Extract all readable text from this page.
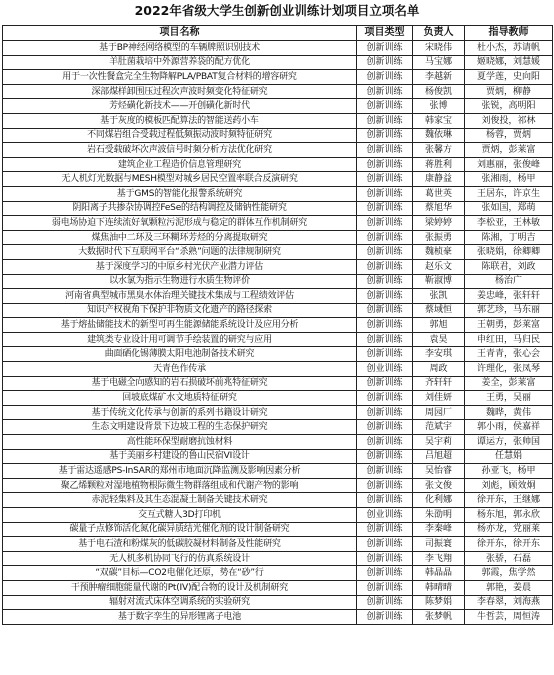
2022年省级大学生创新创业训练计划项目立项名单
项目名称	项目类型	负责人	指导教师
基于BP神经网络模型的车辆牌照识别技术	创新训练	宋晓伟	杜小杰，苏请帆
羊肚菌栽培中外源营养袋的配方优化	创新训练	马宝娜	姬晓娜，刘慧媛
用于一次性餐盒完全生物降解PLA/PBAT复合材料的增容研究	创新训练	李越新	夏学莲，史向阳
深部煤样卸围压过程次声波时频变化特征研究	创新训练	杨俊凯	贾炳，柳静
芳烃磺化新技术——开创磺化新时代	创新训练	张博	张锐，高明阳
基于灰度的模板匹配算法的智能送药小车	创新训练	韩家宝	刘俊投，祁林
不同煤岩组合受载过程低频振动波时频特征研究	创新训练	魏依琳	杨蓉，贾炳
岩石受载破坏次声波信号时频分析方法优化研究	创新训练	张馨方	贾炳，彭莱富
建筑企业工程造价信息管理研究	创新训练	蒋胜利	刘惠丽，张俊峰
无人机灯光数据与MESH模型对城乡居民空置率联合反演研究	创新训练	康静益	张湘雨，杨甲
基于GMS的智能化报警系统研究	创新训练	葛世英	王居东，许京生
阴阳离子共掺杂协调控FeSe的结构调控及储钠性能研究	创新训练	蔡旭华	张如国，郑萌
弱电场协迫下连续流好氧颗粒污泥形成与稳定的群体互作机制研究	创新训练	梁婷婷	李松亚，王林敏
煤焦油中二环及三环糊环芳烃的分离提取研究	创新训练	张振勇	陈湘，丁明吉
大数据时代下互联网平台“杀熟”问题的法律规制研究	创新训练	魏桢豪	张晓娟，徐卿卿
基于深度学习的中原乡村光伏产业潜力评估	创新训练	赵乐文	陈联君，刘政
以水氯为指示生物进行水质生物评价	创新训练	靳淑博	杨治广
河南省典型城市黑臭水体治理关键技术集成与工程绩效评估	创新训练	张凯	姜忠峰，张轩轩
知识产权视角下保护非物质文化遗产的路径探索	创新训练	蔡域恒	郭艺珍，马东丽
基于熔盐储能技术的新型可再生能源储能系统设计及应用分析	创新训练	郭旭	王朝勇，彭莱富
建筑类专业设计用可调节手绘装置的研究与应用	创新训练	袁昊	申红田，马归民
曲面硒化锡薄膜太阳电池制备技术研究	创新训练	李安琪	王青青，张心会
天青色作传承	创业训练	周政	许理化，张凤琴
基于电磁全向感知的岩石损破坏前兆特征研究	创新训练	齐轩轩	姜全，彭莱富
回坡底煤矿水文地质特征研究	创新训练	刘佳妍	王勇，吴丽
基于传统文化传承与创新的系列书籍设计研究	创新训练	周园厂	魏晔，黄伟
生态文明建设背景下边坡工程的生态保护研究	创新训练	范斌宇	郭小雨，侯嘉祥
高性能环保型耐磨抗蚀材料	创新训练	吴宇莉	谭运方，张帅国
基于美丽乡村建设的鲁山民宿VI设计	创新训练	吕旭超	任慧娟
基于雷达遥感PS-InSAR的郑州市地面沉降监测及影响因素分析	创新训练	吴怡睿	孙亚飞，杨甲
聚乙烯颗粒对湿地植物根际微生物群落组成和代谢产物的影响	创新训练	张文俊	刘彪，顾效炯
赤泥轻集料及其生态混凝土制备关键技术研究	创新训练	化利娜	徐开东，王继娜
交互式糖人3D打印机	创业训练	朱劭明	杨东旭，郭永欣
碳量子点修饰活化氮化碳异质结光催化剂的设计制备研究	创新训练	李秦峰	杨亦龙，党丽莱
基于电石渣和粉煤灰的低碳胶凝材料制备及性能研究	创新训练	司振寰	徐开东，徐开东
无人机多机协同飞行的仿真系统设计	创新训练	李飞翔	张骄，石磊
“双碳”目标—CO2电催化还原，势在“砂”行	创新训练	韩晶晶	郭霞，焦学然
干预肿瘤细胞能量代谢的Pt(IV)配合物的设计及机制研究	创新训练	韩晴晴	郭艳，姜晨
辐射对流式床体空调系统的实验研究	创新训练	陈梦娟	李春翠，刘海燕
基于数字孪生的异形锂离子电池	创新训练	张梦帆	牛哲芸，周恒涛
